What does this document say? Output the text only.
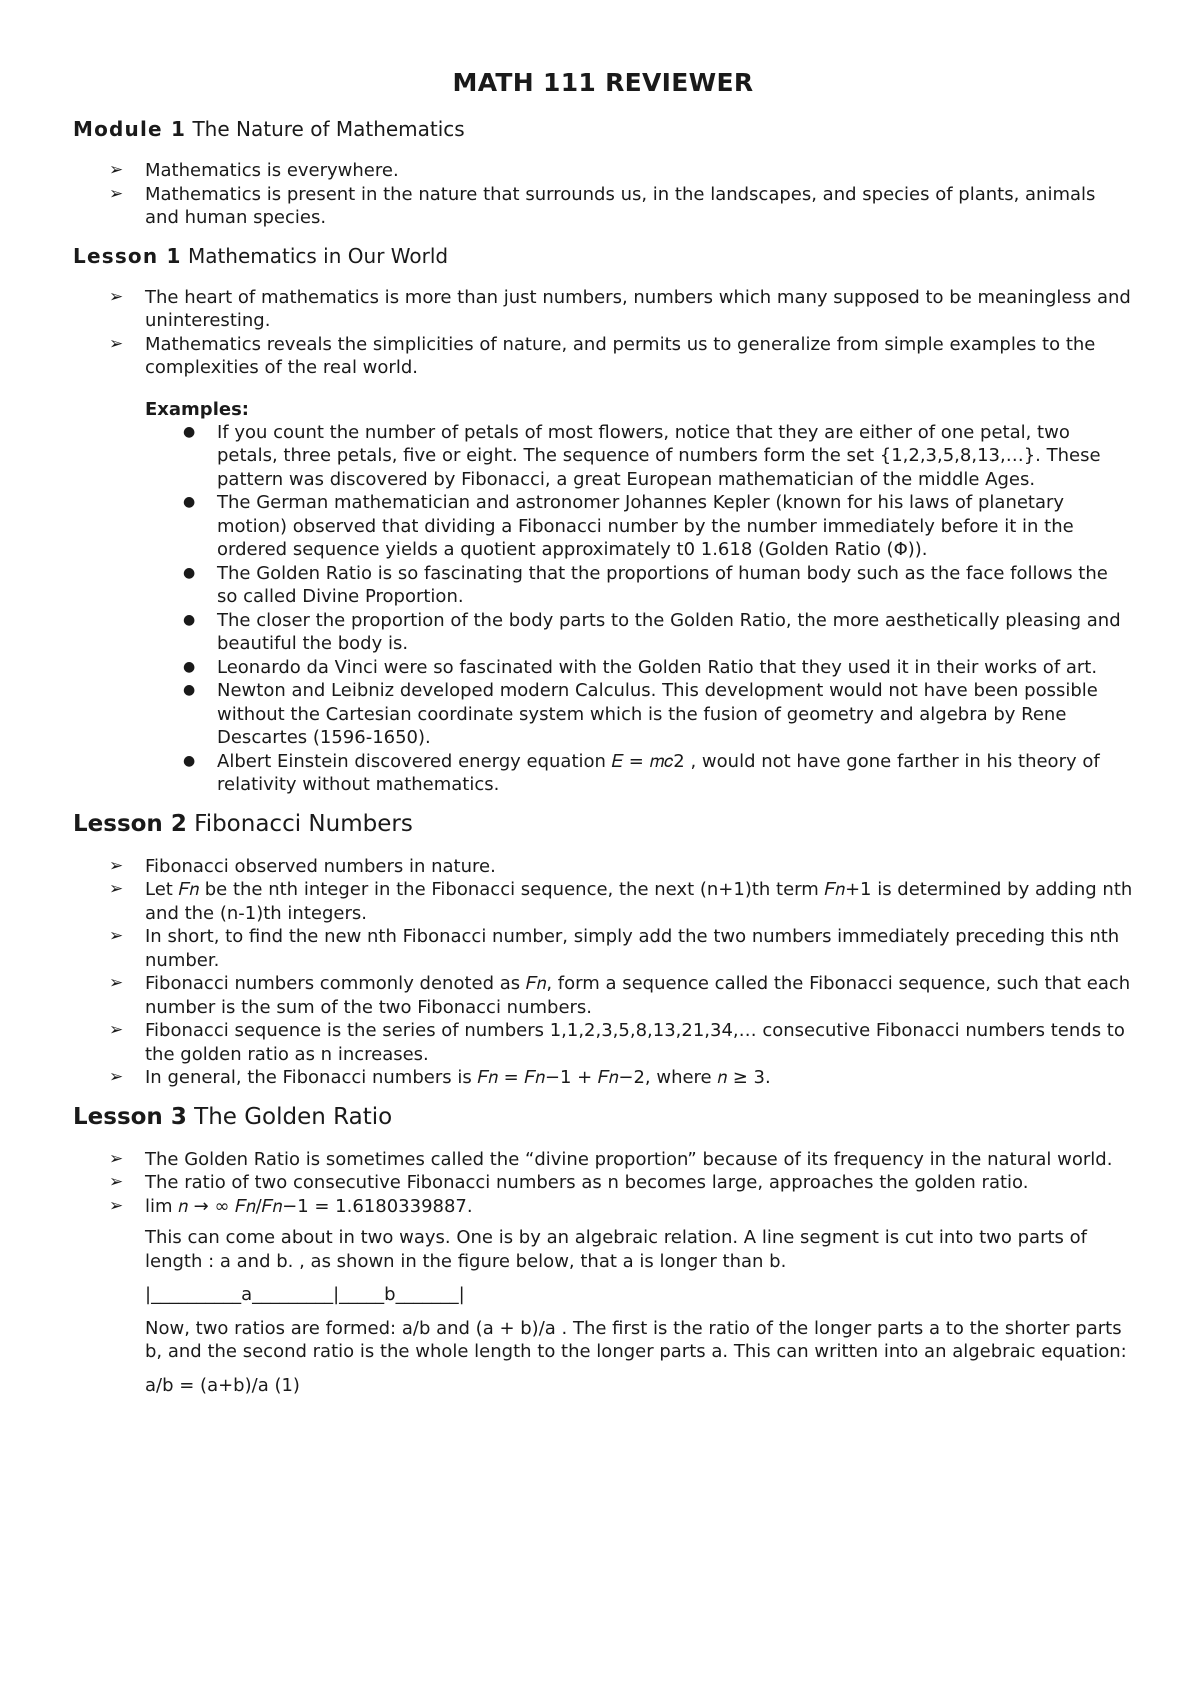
MATH 111 REVIEWER
Module 1 The Nature of Mathematics
➢ Mathematics is everywhere.
➢ Mathematics is present in the nature that surrounds us, in the landscapes, and species of plants, animals and human species.
Lesson 1 Mathematics in Our World
➢ The heart of mathematics is more than just numbers, numbers which many supposed to be meaningless and uninteresting.
➢ Mathematics reveals the simplicities of nature, and permits us to generalize from simple examples to the complexities of the real world.
Examples:
● If you count the number of petals of most flowers, notice that they are either of one petal, two petals, three petals, five or eight. The sequence of numbers form the set {1,2,3,5,8,13,…}. These pattern was discovered by Fibonacci, a great European mathematician of the middle Ages.
● The German mathematician and astronomer Johannes Kepler (known for his laws of planetary motion) observed that dividing a Fibonacci number by the number immediately before it in the ordered sequence yields a quotient approximately t0 1.618 (Golden Ratio (Φ)).
● The Golden Ratio is so fascinating that the proportions of human body such as the face follows the so called Divine Proportion.
● The closer the proportion of the body parts to the Golden Ratio, the more aesthetically pleasing and beautiful the body is.
● Leonardo da Vinci were so fascinated with the Golden Ratio that they used it in their works of art.
● Newton and Leibniz developed modern Calculus. This development would not have been possible without the Cartesian coordinate system which is the fusion of geometry and algebra by Rene Descartes (1596-1650).
● Albert Einstein discovered energy equation 𝐸 = 𝑚𝑐2 , would not have gone farther in his theory of relativity without mathematics.
Lesson 2 Fibonacci Numbers
➢ Fibonacci observed numbers in nature.
➢ Let 𝐹𝑛 be the nth integer in the Fibonacci sequence, the next (n+1)th term 𝐹𝑛+1 is determined by adding nth and the (n-1)th integers.
➢ In short, to find the new nth Fibonacci number, simply add the two numbers immediately preceding this nth number.
➢ Fibonacci numbers commonly denoted as 𝐹𝑛, form a sequence called the Fibonacci sequence, such that each number is the sum of the two Fibonacci numbers.
➢ Fibonacci sequence is the series of numbers 1,1,2,3,5,8,13,21,34,… consecutive Fibonacci numbers tends to the golden ratio as n increases.
➢ In general, the Fibonacci numbers is 𝐹𝑛 = 𝐹𝑛−1 + 𝐹𝑛−2, where 𝑛 ≥ 3.
Lesson 3 The Golden Ratio
➢ The Golden Ratio is sometimes called the “divine proportion” because of its frequency in the natural world.
➢ The ratio of two consecutive Fibonacci numbers as n becomes large, approaches the golden ratio.
➢ lim 𝑛 → ∞ 𝐹𝑛/𝐹𝑛−1 = 1.6180339887.
This can come about in two ways. One is by an algebraic relation. A line segment is cut into two parts of length : a and b. , as shown in the figure below, that a is longer than b.
|__________a_________|_____b_______|
Now, two ratios are formed: a/b and (a + b)/a . The first is the ratio of the longer parts a to the shorter parts b, and the second ratio is the whole length to the longer parts a. This can written into an algebraic equation:
a/b = (a+b)/a (1)
